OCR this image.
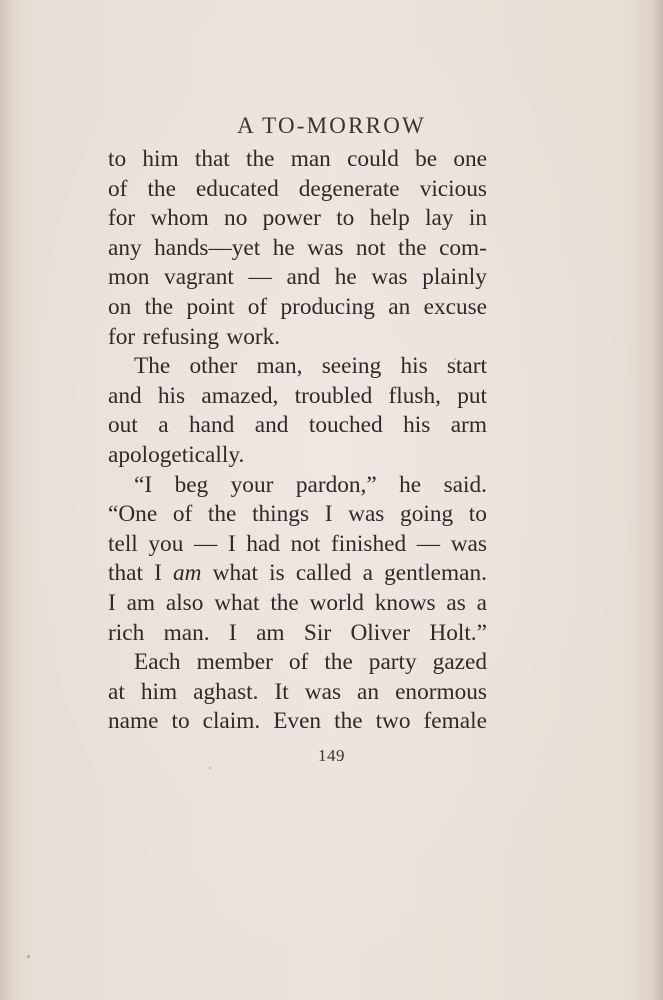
A TO-MORROW
to him that the man could be one
of the educated degenerate vicious
for whom no power to help lay in
any hands—yet he was not the com-
mon vagrant — and he was plainly
on the point of producing an excuse
for refusing work.
The other man, seeing his start
and his amazed, troubled flush, put
out a hand and touched his arm
apologetically.
“I beg your pardon,” he said.
“One of the things I was going to
tell you — I had not finished — was
that I am what is called a gentleman.
I am also what the world knows as a
rich man. I am Sir Oliver Holt.”
Each member of the party gazed
at him aghast. It was an enormous
name to claim. Even the two female
149
